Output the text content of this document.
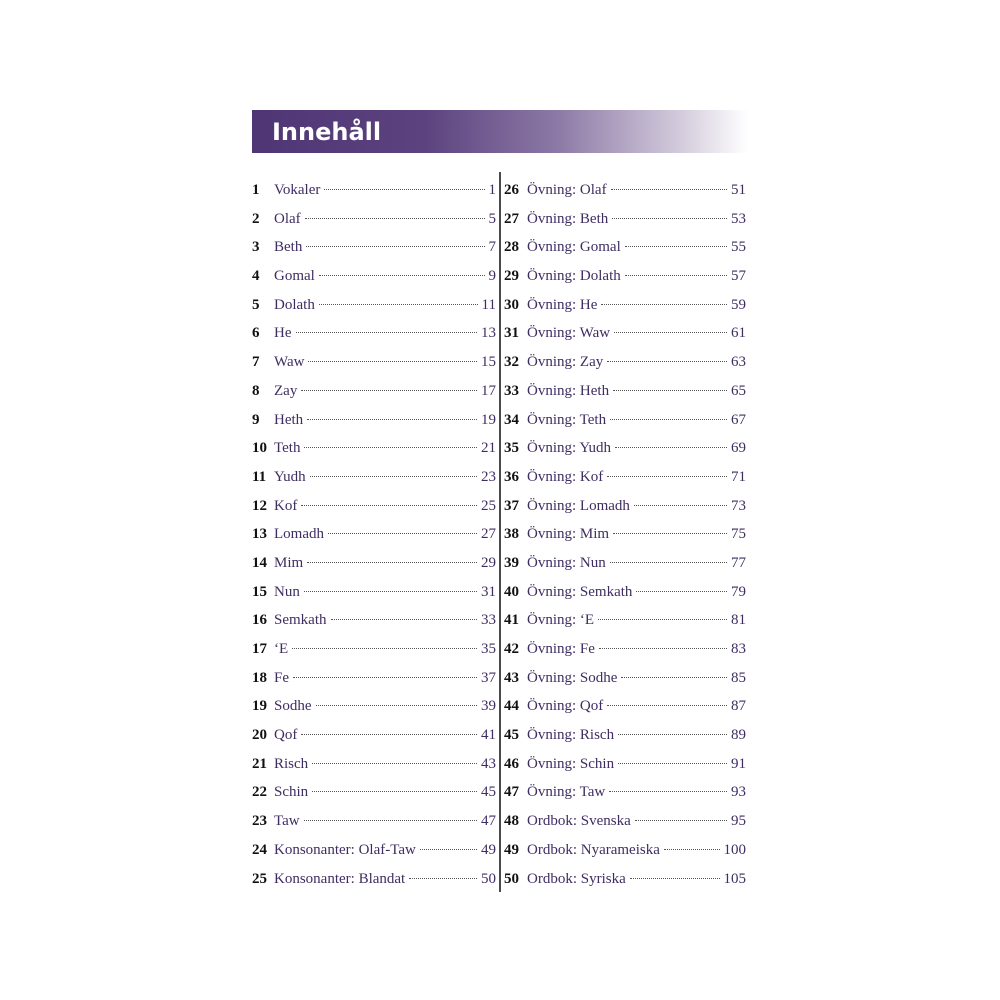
Innehåll
1 Vokaler	1
2 Olaf	5
3 Beth	7
4 Gomal	9
5 Dolath	11
6 He	13
7 Waw	15
8 Zay	17
9 Heth	19
10 Teth	21
11 Yudh	23
12 Kof	25
13 Lomadh	27
14 Mim	29
15 Nun	31
16 Semkath	33
17 ‘E	35
18 Fe	37
19 Sodhe	39
20 Qof	41
21 Risch	43
22 Schin	45
23 Taw	47
24 Konsonanter: Olaf-Taw	49
25 Konsonanter: Blandat	50
26 Övning: Olaf	51
27 Övning: Beth	53
28 Övning: Gomal	55
29 Övning: Dolath	57
30 Övning: He	59
31 Övning: Waw	61
32 Övning: Zay	63
33 Övning: Heth	65
34 Övning: Teth	67
35 Övning: Yudh	69
36 Övning: Kof	71
37 Övning: Lomadh	73
38 Övning: Mim	75
39 Övning: Nun	77
40 Övning: Semkath	79
41 Övning: ‘E	81
42 Övning: Fe	83
43 Övning: Sodhe	85
44 Övning: Qof	87
45 Övning: Risch	89
46 Övning: Schin	91
47 Övning: Taw	93
48 Ordbok: Svenska	95
49 Ordbok: Nyarameiska	100
50 Ordbok: Syriska	105
